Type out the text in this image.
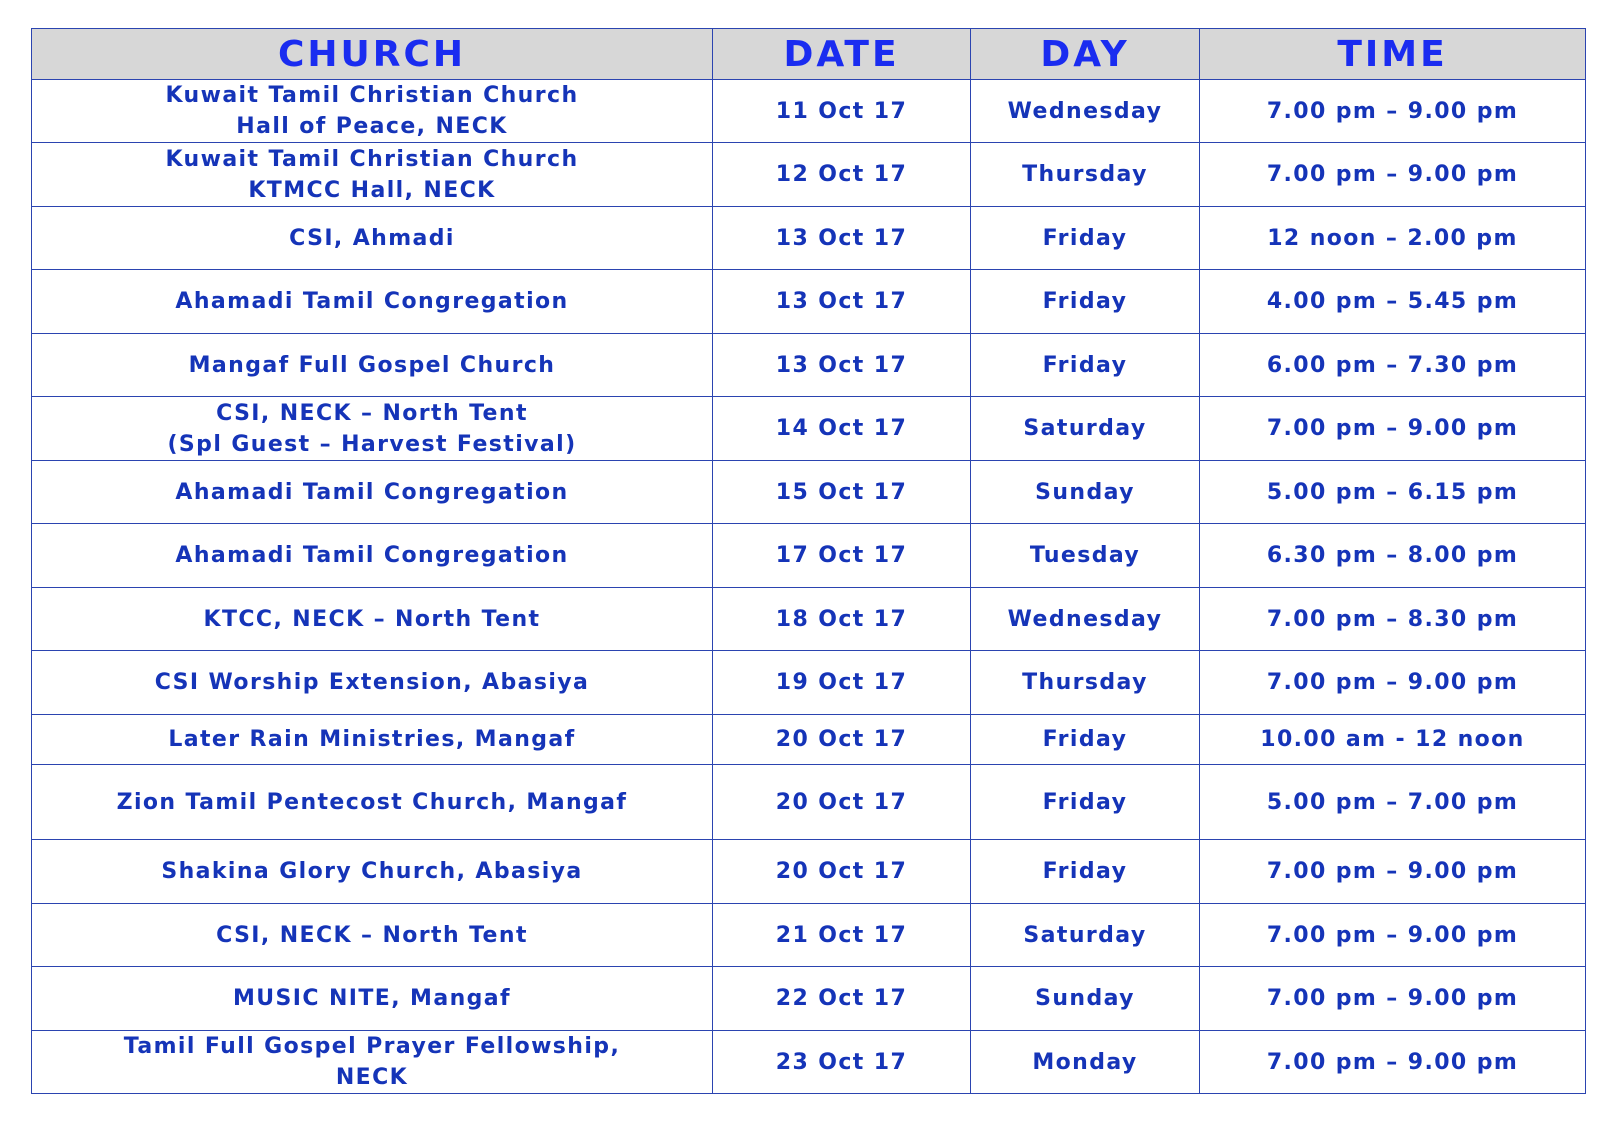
CHURCH	DATE	DAY	TIME

Kuwait Tamil Christian Church
Hall of Peace, NECK	11 Oct 17	Wednesday	7.00 pm – 9.00 pm

Kuwait Tamil Christian Church
KTMCC Hall, NECK	12 Oct 17	Thursday	7.00 pm – 9.00 pm

CSI, Ahmadi	13 Oct 17	Friday	12 noon – 2.00 pm

Ahamadi Tamil Congregation	13 Oct 17	Friday	4.00 pm – 5.45 pm

Mangaf Full Gospel Church	13 Oct 17	Friday	6.00 pm – 7.30 pm

CSI, NECK – North Tent
(Spl Guest – Harvest Festival)	14 Oct 17	Saturday	7.00 pm – 9.00 pm

Ahamadi Tamil Congregation	15 Oct 17	Sunday	5.00 pm – 6.15 pm

Ahamadi Tamil Congregation	17 Oct 17	Tuesday	6.30 pm – 8.00 pm

KTCC, NECK – North Tent	18 Oct 17	Wednesday	7.00 pm – 8.30 pm

CSI Worship Extension, Abasiya	19 Oct 17	Thursday	7.00 pm – 9.00 pm

Later Rain Ministries, Mangaf	20 Oct 17	Friday	10.00 am - 12 noon

Zion Tamil Pentecost Church, Mangaf	20 Oct 17	Friday	5.00 pm – 7.00 pm

Shakina Glory Church, Abasiya	20 Oct 17	Friday	7.00 pm – 9.00 pm

CSI, NECK – North Tent	21 Oct 17	Saturday	7.00 pm – 9.00 pm

MUSIC NITE, Mangaf	22 Oct 17	Sunday	7.00 pm – 9.00 pm

Tamil Full Gospel Prayer Fellowship,
NECK	23 Oct 17	Monday	7.00 pm – 9.00 pm
